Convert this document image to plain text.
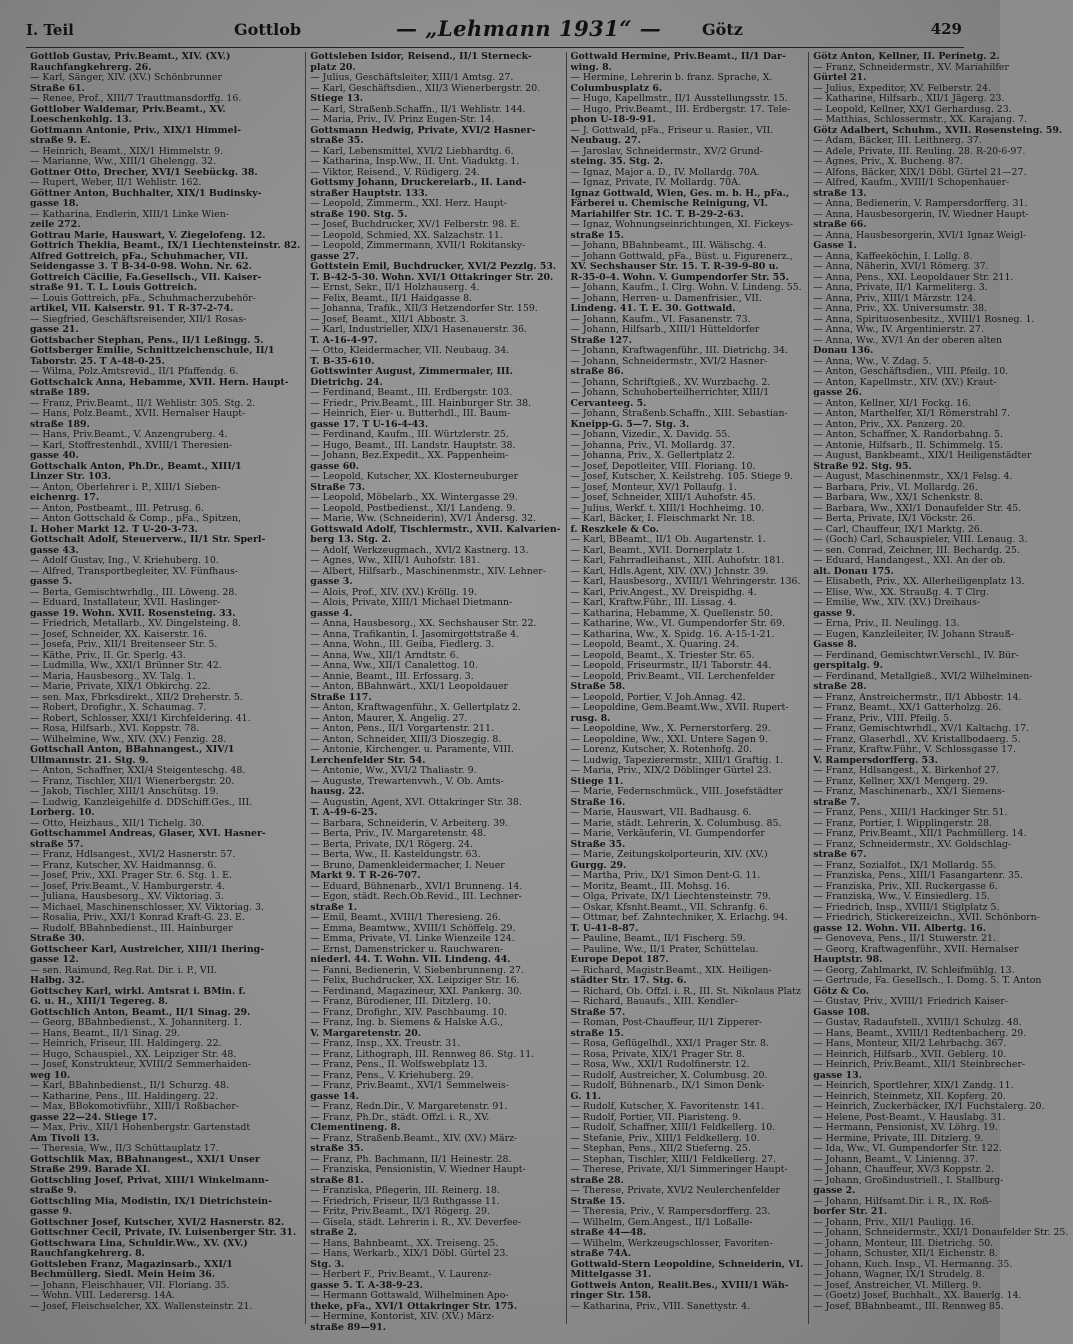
I. Teil	Gottlob	— „Lehmann 1931“ —	Götz	429
Gottlob Gustav, Priv.Beamt., XIV. (XV.)
Rauchfangkehrerg. 26.
— Karl, Sänger, XIV. (XV.) Schönbrunner
Straße 61.
— Renee, Prof., XIII/7 Trauttmansdorffg. 16.
Gottlober Waldemar, Priv.Beamt., XV.
Loeschenkohlg. 13.
Gottmann Antonie, Priv., XIX/1 Himmel-
straße 9. E.
— Heinrich, Beamt., XIX/1 Himmelstr. 9.
— Marianne, Ww., XIII/1 Ghelengg. 32.
Gottner Otto, Drecher, XVI/1 Seebückg. 38.
— Rupert, Weber, II/1 Wehlistr. 162.
Göttner Anton, Buchhalter, XIX/1 Budinsky-
gasse 18.
— Katharina, Endlerin, XIII/1 Linke Wien-
zeile 272.
Gottrau Marie, Hauswart, V. Ziegelofeng. 12.
Gottrich Theklia, Beamt., IX/1 Liechtensteinstr. 82.
Alfred Gottreich, pFa., Schuhmacher, VII.
Seidengasse 3. T B-34-0-98. Wohn. Nr. 62.
Gottreich Cäcilie, Fa.Gesellsch., VII. Kaiser-
straße 91. T. L. Louis Gottreich.
— Louis Gottreich, pFa., Schuhmacherzubehör-
artikel, VII. Kaiserstr. 91. T R-37-2-74.
— Siegfried, Geschäftsreisender, XII/1 Rosas-
gasse 21.
Gottsbacher Stephan, Pens., II/1 Leßingg. 5.
Gottsberger Emilie, Schnittzeichenschule, II/1
Taborstr. 25. T A-48-0-25.
— Wilma, Polz.Amtsrevid., II/1 Pfaffendg. 6.
Gottschalck Anna, Hebamme, XVII. Hern. Haupt-
straße 189.
— Franz, Priv.Beamt., II/1 Wehlistr. 305. Stg. 2.
— Hans, Polz.Beamt., XVII. Hernalser Haupt-
straße 189.
— Hans, Priv.Beamt., V. Anzengruberg. 4.
— Karl, Stoffrestenhdl., XVIII/1 Theresien-
gasse 40.
Gottschalk Anton, Ph.Dr., Beamt., XIII/1
Linzer Str. 103.
— Anton, Oberlehrer i. P., XIII/1 Sieben-
eichenrg. 17.
— Anton, Postbeamt., III. Petrusg. 6.
— Anton Gottschald & Comp., pFa., Spitzen,
I. Hoher Markt 12. T U-20-3-73.
Gottschalt Adolf, Steuerverw., II/1 Str. Sperl-
gasse 43.
— Adolf Gustav, Ing., V. Kriehuberg. 10.
— Alfred, Transportbegleiter, XV. Fünfhaus-
gasse 5.
— Berta, Gemischtwrhdlg., III. Löweng. 28.
— Eduard, Installateur, XVII. Haslinger-
gasse 19. Wohn. XVII. Rosensteing. 33.
— Friedrich, Metallarb., XV. Dingelsteing. 8.
— Josef, Schneider, XX. Kaiserstr. 16.
— Josefa, Priv., XII/1 Breitenseer Str. 5.
— Käthe, Priv., II. Gr. Sperlg. 43.
— Ludmilla, Ww., XXI/1 Brünner Str. 42.
— Maria, Hausbesorg., XV. Talg. 1.
— Marie, Private, XIX/1 Obkirchg. 22.
— sen. Max, Fbrksdirekt., XII/2 Dreherstr. 5.
— Robert, Drofighr., X. Schaumag. 7.
— Robert, Schlosser, XXI/1 Kirchfeldering. 41.
— Rosa, Hilfsarb., XVI. Koppstr. 78.
— Wilhelmine, Ww., XIV. (XV.) Fenzig. 28.
Gottschall Anton, BBahnangest., XIV/1
Ullmannstr. 21. Stg. 9.
— Anton, Schaffner, XXI/4 Steigenteschg. 48.
— Franz, Tischler, XII/1 Wienerbergstr. 20.
— Jakob, Tischler, XIII/1 Anschütsg. 19.
— Ludwig, Kanzleigehilfe d. DDSchiff.Ges., III.
Lorberg. 10.
— Otto, Heizhaus., XII/1 Tichelg. 30.
Gottschammel Andreas, Glaser, XVI. Hasner-
straße 57.
— Franz, Hdlsangest., XVI/2 Hasnerstr. 57.
— Franz, Kutscher, XV. Haidmannsg. 6.
— Josef, Priv., XXI. Prager Str. 6. Stg. 1. E.
— Josef, Priv.Beamt., V. Hamburgerstr. 4.
— Juliana, Hausbesorg., XV. Viktoriag. 3.
— Michael, Maschinenschlosser, XV. Viktoriag. 3.
— Rosalia, Priv., XXI/1 Konrad Kraft-G. 23. E.
— Rudolf, BBahnbedienst., III. Hainburger
Straße 30.
Gottscheer Karl, Austreicher, XIII/1 Ihering-
gasse 12.
— sen. Raimund, Reg.Rat. Dir. i. P., VII.
Halbg. 32.
Gottschey Karl, wirkl. Amtsrat i. BMin. f.
G. u. H., XIII/1 Tegereg. 8.
Gottschlich Anton, Beamt., II/1 Sinag. 29.
— Georg, BBahnbedienst., X. Johanniterg. 1.
— Hans, Beamt., II/1 Sinag. 29.
— Heinrich, Friseur, III. Haldingerg. 22.
— Hugo, Schauspiel., XX. Leipziger Str. 48.
— Josef, Konstrukteur, XVIII/2 Semmerhaiden-
weg 10.
— Karl, BBahnbedienst., II/1 Schurzg. 48.
— Katharine, Pens., III. Haldingerg. 22.
— Max, BBokomotivführ., XIII/1 Roßbacher-
gasse 22—24. Stiege 17.
— Max, Priv., XII/1 Hohenbergstr. Gartenstadt
Am Tivoli 13.
— Theresia, Ww., II/3 Schüttauplatz 17.
Gottschlik Max, BBahnangest., XXI/1 Unser
Straße 299. Barade XI.
Gottschling Josef, Privat, XIII/1 Winkelmann-
straße 9.
Gottschling Mia, Modistin, IX/1 Dietrichstein-
gasse 9.
Gottschner Josef, Kutscher, XVI/2 Hasnerstr. 82.
Gottschner Cecil, Private, IV. Luisenberger Str. 31.
Gottschwara Lina, Schuldir.Ww., XV. (XV.)
Rauchfangkehrerg. 8.
Gottsleben Franz, Magazinsarb., XXI/1
Bechmüllerg. Siedl. Mein Heim 36.
— Johann, Fleischhauer, VII. Floriang. 35.
— Wohn. VIII. Lederersg. 14A.
— Josef, Fleischselcher, XX. Wallensteinstr. 21.
Gottsleben Isidor, Reisend., II/1 Sterneck-
platz 20.
— Julius, Geschäftsleiter, XIII/1 Amtsg. 27.
— Karl, Geschäftsdien., XII/3 Wienerbergstr. 20.
Stiege 13.
— Karl, Straßenb.Schaffn., II/1 Wehlistr. 144.
— Maria, Priv., IV. Prinz Eugen-Str. 14.
Gottsmann Hedwig, Private, XVI/2 Hasner-
straße 35.
— Karl, Lebensmittel, XVI/2 Liebhardtg. 6.
— Katharina, Insp.Ww., II. Unt. Viaduktg. 1.
— Viktor, Reisend., V. Rüdigerg. 24.
Gottsmy Johann, Druckereiarb., II. Land-
straßer Hauptstr. 133.
— Leopold, Zimmerm., XXI. Herz. Haupt-
straße 190. Stg. 5.
— Josef, Buchdrucker, XV/1 Felberstr. 98. E.
— Leopold, Schmied, XX. Salzachstr. 11.
— Leopold, Zimmermann, XVII/1 Rokitansky-
gasse 27.
Gottstein Emil, Buchdrucker, XVI/2 Pezzlg. 53.
T. B-42-5-30. Wohn. XVI/1 Ottakringer Str. 20.
— Ernst, Sekr., II/1 Holzhauserg. 4.
— Felix, Beamt., II/1 Haidgasse 8.
— Johanna, Trafik., XII/3 Hetzendorfer Str. 159.
— Josef, Beamt., XII/1 Abbostr. 3.
— Karl, Industrieller, XIX/1 Hasenauerstr. 36.
T. A-16-4-97.
— Otto, Kleidermacher, VII. Neubaug. 34.
T. B-35-610.
Gottswinter August, Zimmermaler, III.
Dietrichg. 24.
— Ferdinand, Beamt., III. Erdbergstr. 103.
— Friedr., Priv.Beamt., III. Hainburger Str. 38.
— Heinrich, Eier- u. Butterhdl., III. Baum-
gasse 17. T U-16-4-43.
— Ferdinand, Kaufm., III. Würtzlerstr. 25.
— Hugo, Beamt., III. Landstr. Hauptstr. 38.
— Johann, Bez.Expedit., XX. Pappenheim-
gasse 60.
— Leopold, Kutscher, XX. Klosterneuburger
Straße 73.
— Leopold, Möbelarb., XX. Wintergasse 29.
— Leopold, Postbedienst., XI/1 Landeng. 9.
— Marie, Ww. (Schneiderin), XV/1 Ändersg. 32.
Gottswald Adolf, Tischlermstr., XVII. Kalvarien-
berg 13. Stg. 2.
— Adolf, Werkzeugmach., XVI/2 Kastnerg. 13.
— Agnes, Ww., XIII/1 Auhofstr. 181.
— Albert, Hilfsarb., Maschinenmstr., XIV. Lehner-
gasse 3.
— Alois, Prof., XIV. (XV.) Kröllg. 19.
— Alois, Private, XIII/1 Michael Dietmann-
gasse 4.
— Anna, Hausbesorg., XX. Sechshauser Str. 22.
— Anna, Trafikantin, I. Jasomirgottstraße 4.
— Anna, Wohn., III. Geiba, Fiedlerg. 3.
— Anna, Ww., XII/1 Arndtstr. 6.
— Anna, Ww., XII/1 Canalettog. 10.
— Annie, Beamt., III. Erfossarg. 3.
— Anton, BBahnwärt., XXI/1 Leopoldauer
Straße 117.
— Anton, Kraftwagenführ., X. Gellertplatz 2.
— Anton, Maurer, X. Angelig. 27.
— Anton, Pens., II/1 Vorgartenstr. 211.
— Anton, Schneider, XIII/3 Dioszegig. 8.
— Antonie, Kirchenger. u. Paramente, VIII.
Lerchenfelder Str. 54.
— Antonie, Ww., XVI/2 Thaliastr. 9.
— Auguste, Trewartenvwh., V. Ob. Amts-
hausg. 22.
— Augustin, Agent, XVI. Ottakringer Str. 38.
T. A-49-6-25.
— Barbara, Schneiderin, V. Arbeiterg. 39.
— Berta, Priv., IV. Margaretenstr. 48.
— Berta, Private, IX/1 Rögerg. 24.
— Berta, Ww., II. Kasteldungstr. 63.
— Bruno, Damenkleidermacher, I. Neuer
Markt 9. T R-26-707.
— Eduard, Bühnenarb., XVI/1 Brunneng. 14.
— Egon, städt. Rech.Ob.Revid., III. Lechner-
straße 1.
— Emil, Beamt., XVIII/1 Theresieng. 26.
— Emma, Beamtww., XVIII/1 Schöffelg. 29.
— Emma, Private, VI. Linke Wienzeile 124.
— Ernst, Damenstricker u. Rauchwaren-
niederl. 44. T. Wohn. VII. Lindeng. 44.
— Fanni, Bedienerin, V. Siebenbrunneng. 27.
— Felix, Buchdrucker, XX. Leipziger Str. 16.
— Ferdinand, Magazineur, XXI. Pankerg. 30.
— Franz, Bürodiener, III. Ditzlerg. 10.
— Franz, Drofighr., XIV. Paschbaumg. 10.
— Franz, Ing. b. Siemens & Halske A.G.,
V. Margaretenstr. 20.
— Franz, Insp., XX. Treustr. 31.
— Franz, Lithograph, III. Rennweg 86. Stg. 11.
— Franz, Pens., II. Wolfswebplatz 13.
— Franz, Pens., V. Kriehuberg. 29.
— Franz, Priv.Beamt., XVI/1 Semmelweis-
gasse 14.
— Franz, Redn.Dir., V. Margaretenstr. 91.
— Franz, Ph.Dr., städt. Offzl. i. R., XV.
Clementineng. 8.
— Franz, Straßenb.Beamt., XIV. (XV.) März-
straße 35.
— Franz, Ph. Bachmann, II/1 Heinestr. 28.
— Franziska, Pensionistin, V. Wiedner Haupt-
straße 81.
— Franziska, Pflegerin, III. Reinerg. 18.
— Friedrich, Friseur, II/3 Ruthgasse 11.
— Fritz, Priv.Beamt., IX/1 Rögerg. 29.
— Gisela, städt. Lehrerin i. R., XV. Deverfee-
straße 2.
— Hans, Bahnbeamt., XX. Treiseng. 25.
— Hans, Werkarb., XIX/1 Döbl. Gürtel 23.
Stg. 3.
— Herbert F., Priv.Beamt., V. Laurenz-
gasse 5. T. A-38-9-23.
— Hermann Gottswald, Wilhelminen Apo-
theke, pFa., XVI/1 Ottakringer Str. 175.
— Hermine, Kontorist, XIV. (XV.) März-
straße 89—91.
Gottwald Hermine, Priv.Beamt., II/1 Dar-
wing. 8.
— Hermine, Lehrerin b. franz. Sprache, X.
Columbusplatz 6.
— Hugo, Kapellmstr., II/1 Ausstellungsstr. 15.
— Hugo, Priv.Beamt., III. Erdbergstr. 17. Tele-
phon U-18-9-91.
— J. Gottwald, pFa., Friseur u. Rasier., VII.
Neubaug. 27.
— Jaroslav, Schneidermstr., XV/2 Grund-
steing. 35. Stg. 2.
— Ignaz, Major a. D., IV. Mollardg. 70A.
— Ignaz, Private, IV. Mollardg. 70A.
Ignaz Gottwald, Wien, Ges. m. b. H., pFa.,
Färberei u. Chemische Reinigung, VI.
Mariahilfer Str. 1C. T. B-29-2-63.
— Ignaz, Wohnungseinrichtungen, XI. Fickeys-
straße 15.
— Johann, BBahnbeamt., III. Wälischg. 4.
— Johann Gottwald, pFa., Büst. u. Figurenerz.,
XV. Sechshauser Str. 15. T. R-39-9-80 u.
R-35-0-4. Wohn. V. Gumpendorfer Str. 55.
— Johann, Kaufm., I. Clrg. Wohn. V. Lindeng. 55.
— Johann, Herren- u. Damenfrisier., VII.
Lindeng. 41. T. E. 30. Gottwald.
— Johann, Kaufm., VI. Fasanenstr. 73.
— Johann, Hilfsarb., XIII/1 Hütteldorfer
Straße 127.
— Johann, Kraftwagenführ., III. Dietrichg. 34.
— Johann, Schneidermstr., XVI/2 Hasner-
straße 86.
— Johann, Schriftgieß., XV. Wurzbachg. 2.
— Johann, Schuhoberteilherrichter, XIII/1
Cervanteeg. 5.
— Johann, Straßenb.Schaffn., XIII. Sebastian-
Kneipp-G. 5—7. Stg. 3.
— Johann, Vizedir., X. Davidg. 55.
— Johanna, Priv., VI. Mollardg. 37.
— Johanna, Priv., X. Gellertplatz 2.
— Josef, Depotleiter, VIII. Floriang. 10.
— Josef, Kutscher, X. Keilstrehg. 105. Stiege 9.
— Josef, Monteur, XV/1 Pollaufg. 1.
— Josef, Schneider, XIII/1 Auhofstr. 45.
— Julius, Werkf. t. XIII/1 Hochheimg. 10.
— Karl, Bäcker, I. Fleischmarkt Nr. 18.
f. Reszkele & Co.
— Karl, BBeamt., II/1 Ob. Augartenstr. 1.
— Karl, Beamt., XVII. Dornerplatz 1.
— Karl, Fahrradleihanst., XIII. Auhofstr. 181.
— Karl, Hdls.Agent, XIV. (XV.) Jchnstr. 39.
— Karl, Hausbesorg., XVIII/1 Wehringerstr. 136.
— Karl, Priv.Angest., XV. Dreispidhg. 4.
— Karl, Kraftw.Führ., III. Lissag. 4.
— Katharina, Hebamme, X. Quellenstr. 50.
— Katharine, Ww., VI. Gumpendorfer Str. 69.
— Katharina, Ww., X. Spidg. 16. A-15-1-21.
— Leopold, Beamt., X. Quaring. 24.
— Leopold, Beamt., X. Triester Str. 65.
— Leopold, Friseurmstr., II/1 Taborstr. 44.
— Leopold, Priv.Beamt., VII. Lerchenfelder
Straße 58.
— Leopold, Portier, V. Joh.Annag. 42.
— Leopoldine, Gem.Beamt.Ww., XVII. Rupert-
rusg. 8.
— Leopoldine, Ww., X. Pernerstorferg. 29.
— Leopoldine, Ww., XXI. Untere Sagen 9.
— Lorenz, Kutscher, X. Rotenhofg. 20.
— Ludwig, Tapezierermstr., XIII/1 Graftig. 1.
— Maria, Priv., XIX/2 Döblinger Gürtel 23.
Stiege 11.
— Marie, Federnschmück., VIII. Josefstädter
Straße 16.
— Marie, Hauswart, VII. Badhausg. 6.
— Marie, städt. Lehrerin, X. Columbusg. 85.
— Marie, Verkäuferin, VI. Gumpendorfer
Straße 35.
— Marie, Zeitungskolporteurin, XIV. (XV.)
Gurgg. 29.
— Martha, Priv., IX/1 Simon Dent-G. 11.
— Moritz, Beamt., III. Mohsg. 16.
— Olga, Private, IX/1 Liechtensteinstr. 79.
— Oskar, Kfsnht.Beamt., VII. Schranfg. 6.
— Ottmar, bef. Zahntechniker, X. Erlachg. 94.
T. U-41-8-87.
— Pauline, Beamt., II/1 Fischerg. 59.
— Pauline, Ww., II/1 Prater, Schüttelau.
Europe Depot 187.
— Richard, Magistr.Beamt., XIX. Heiligen-
städter Str. 17. Stg. 6.
— Richard, Ob. Offzl. i. R., III. St. Nikolaus Platz
— Richard, Bauaufs., XIII. Kendler-
Straße 57.
— Roman, Post-Chauffeur, II/1 Zipperer-
straße 15.
— Rosa, Geflügelhdl., XXI/1 Prager Str. 8.
— Rosa, Private, XIX/1 Prager Str. 8.
— Rosa, Ww., XXI/1 Rudolfinerstr. 12.
— Rudolf, Austreicher, X. Columbusg. 20.
— Rudolf, Bühnenarb., IX/1 Simon Denk-
G. 11.
— Rudolf, Kutscher, X. Favoritenstr. 141.
— Rudolf, Portier, VII. Piaristeng. 9.
— Rudolf, Schaffner, XIII/1 Feldkellerg. 10.
— Stefanie, Priv., XIII/1 Feldkellerg. 10.
— Stephan, Pens., XII/2 Stieferng. 25.
— Stephan, Tischler, XIII/1 Feldkellerg. 27.
— Therese, Private, XI/1 Simmeringer Haupt-
straße 28.
— Therese, Private, XVI/2 Neulerchenfelder
Straße 15.
— Theresia, Priv., V. Rampersdorfferg. 23.
— Wilhelm, Gem.Angest., II/1 Loßalle-
straße 44—48.
— Wilhelm, Werkzeugschlosser, Favoriten-
straße 74A.
Gottwald-Stern Leopoldine, Schneiderin, VI.
Mittelgasse 31.
Gottweis Anton, Realit.Bes., XVIII/1 Wäh-
ringer Str. 158.
— Katharina, Priv., VIII. Sanettystr. 4.
Götz Anton, Kellner, II. Perinetg. 2.
— Franz, Schneidermstr., XV. Mariahilfer
Gürtel 21.
— Julius, Expeditor, XV. Felberstr. 24.
— Katharine, Hilfsarb., XII/1 Jägerg. 23.
— Leopold, Kellner, XX/1 Gerhardusg. 23.
— Matthias, Schlossermstr., XX. Karajang. 7.
Götz Adalbert, Schuhm., XVII. Rosensteing. 59.
— Adam, Bäcker, III. Leithnerg. 37.
— Adele, Private, III. Reuling. 28. R-20-6-97.
— Agnes, Priv., X. Bucheng. 87.
— Alfons, Bäcker, XIX/1 Döbl. Gürtel 21—27.
— Alfred, Kaufm., XVIII/1 Schopenhauer-
straße 13.
— Anna, Bedienerin, V. Rampersdorfferg. 31.
— Anna, Hausbesorgerin, IV. Wiedner Haupt-
straße 66.
— Anna, Hausbesorgerin, XVI/1 Ignaz Weigl-
Gasse 1.
— Anna, Kaffeeköchin, I. Lollg. 8.
— Anna, Näherin, XVI/1 Römerg. 37.
— Anna, Pens., XXI. Leopoldauer Str. 211.
— Anna, Private, II/1 Karmeliterg. 3.
— Anna, Priv., XIII/1 Märzstr. 124.
— Anna, Priv., XX. Universumstr. 38.
— Anna, Spirituosenbesitz., XVIII/1 Rosneg. 1.
— Anna, Ww., IV. Argentinierstr. 27.
— Anna, Ww., XV/1 An der oberen alten
Donau 136.
— Anna, Ww., V. Zdag. 5.
— Anton, Geschäftsdien., VIII. Pfeilg. 10.
— Anton, Kapellmstr., XIV. (XV.) Kraut-
gasse 26.
— Anton, Kellner, XI/1 Fockg. 16.
— Anton, Marthelfer, XI/1 Römerstrahl 7.
— Anton, Priv., XX. Panzerg. 20.
— Anton, Schaffner, X. Randorbahng. 5.
— Antonie, Hilfsarb., II. Schimmelg. 15.
— August, Bankbeamt., XIX/1 Heiligenstädter
Straße 92. Stg. 95.
— August, Maschinenmstr., XX/1 Felsg. 4.
— Barbara, Priv., VI. Mollardg. 26.
— Barbara, Ww., XX/1 Schenkstr. 8.
— Barbara, Ww., XXI/1 Donaufelder Str. 45.
— Berta, Private, IX/1 Vöckstr. 26.
— Carl, Chauffeur, IX/1 Marktg. 26.
— (Goch) Carl, Schauspieler, VIII. Lenaug. 3.
— sen. Conrad, Zeichner, III. Bechardg. 25.
— Eduard, Handangest., XXI. An der ob.
alt. Donau 175.
— Elisabeth, Priv., XX. Allerheiligenplatz 13.
— Elise, Ww., XX. Straußg. 4. T Clrg.
— Emilie, Ww., XIV. (XV.) Dreihaus-
gasse 9.
— Erna, Priv., II. Neulingg. 13.
— Eugen, Kanzleileiter, IV. Johann Strauß-
Gasse 8.
— Ferdinand, Gemischtwr.Verschl., IV. Bür-
gerspitalg. 9.
— Ferdinand, Metallgieß., XVI/2 Wilhelminen-
straße 28.
— Franz, Anstreichermstr., II/1 Abbostr. 14.
— Franz, Beamt., XX/1 Gatterholzg. 26.
— Franz, Priv., VIII. Pfeilg. 5.
— Franz, Gemischtwrhdl., XV/1 Kaltachg. 17.
— Franz, Glaserhdl., XV. Kristallbodaerg. 5.
— Franz, Kraftw.Führ., V. Schlossgasse 17.
V. Rampersdorfferg. 53.
— Franz, Hdlsangest., X. Birkenhof 27.
— Franz, Kellner, XX/1 Mengerg. 29.
— Franz, Maschinenarb., XX/1 Siemens-
straße 7.
— Franz, Pens., XIII/1 Hackinger Str. 51.
— Franz, Portier, I. Wipplingerstr. 28.
— Franz, Priv.Beamt., XII/1 Pachmüllerg. 14.
— Franz, Schneidermstr., XV. Goldschlag-
straße 67.
— Franz, Sozialfot., IX/1 Mollardg. 55.
— Franziska, Pens., XIII/1 Fasangartenr. 35.
— Franziska, Priv., XII. Ruckergasse 6.
— Franziska, Ww., V. Einsiedlerg. 15.
— Friedrich, Insp., XVIII/1 Stiglplatz 5.
— Friedrich, Stickereizeichn., XVII. Schönborn-
gasse 12. Wohn. VII. Albertg. 16.
— Genoveva, Pens., II/1 Stuwerstr. 21.
— Georg, Kraftwagenführ., XVII. Hernalser
Hauptstr. 98.
— Georg, Zahlmarkt, IV. Schleifmühlg. 13.
— Gertrude, Fa. Gesellsch., I. Domg. 5. T. Anton
Götz & Co.
— Gustav, Priv., XVIII/1 Friedrich Kaiser-
Gasse 108.
— Gustav, Radaufstell., XVIII/1 Schulzg. 48.
— Hans, Beamt., XVIII/1 Redtenbacherg. 29.
— Hans, Monteur, XII/2 Lehrbachg. 367.
— Heinrich, Hilfsarb., XVII. Geblerg. 10.
— Heinrich, Priv.Beamt., XII/1 Steinbrecher-
gasse 13.
— Heinrich, Sportlehrer, XIX/1 Zandg. 11.
— Heinrich, Steinmetz, XII. Kopferg. 20.
— Heinrich, Zuckerbäcker, IX/1 Fuchstalerg. 20.
— Helene, Post-Beamt., V. Hauslabg. 31.
— Hermann, Pensionist, XV. Löhrg. 19.
— Hermine, Private, III. Ditzlerg. 9.
— Ida, Ww., VI. Gumpendorfer Str. 122.
— Johann, Beamt., V. Linienng. 37.
— Johann, Chauffeur, XV/3 Koppstr. 2.
— Johann, Großindustriell., I. Stallburg-
gasse 2.
— Johann, Hilfsamt.Dir. i. R., IX. Roß-
borfer Str. 21.
— Johann, Priv., XII/1 Pauligg. 16.
— Johann, Schneidermstr., XXI/1 Donaufelder Str. 25.
— Johann, Monteur, III. Dietrichg. 50.
— Johann, Schuster, XII/1 Eichenstr. 8.
— Johann, Kuch. Insp., VI. Hermanng. 35.
— Johann, Wagner, IX/1 Strudelg. 8.
— Josef, Anstreicher, VI. Millerg. 9.
— (Goetz) Josef, Buchhalt., XX. Bauerlg. 14.
— Josef, BBahnbeamt., III. Rennweg 85.
